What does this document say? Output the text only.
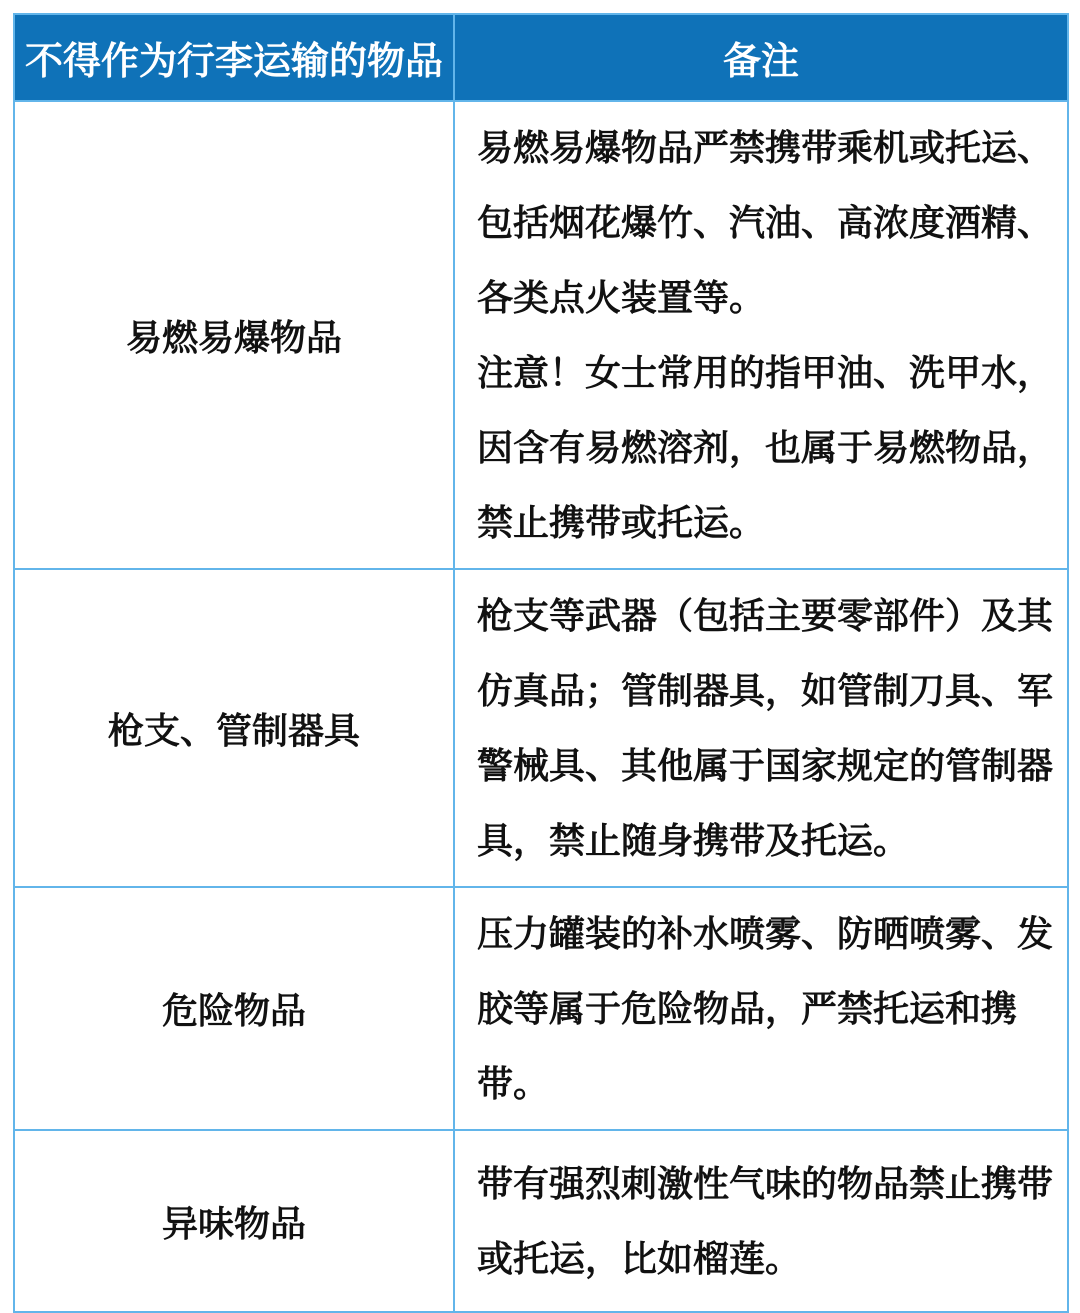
不得作为行李运输的物品	备注
易燃易爆物品	易燃易爆物品严禁携带乘机或托运、包括烟花爆竹、汽油、高浓度酒精、各类点火装置等。
注意！女士常用的指甲油、洗甲水，因含有易燃溶剂，也属于易燃物品，禁止携带或托运。
枪支、管制器具	枪支等武器（包括主要零部件）及其仿真品；管制器具，如管制刀具、军警械具、其他属于国家规定的管制器具，禁止随身携带及托运。
危险物品	压力罐装的补水喷雾、防晒喷雾、发胶等属于危险物品，严禁托运和携带。
异味物品	带有强烈刺激性气味的物品禁止携带或托运，比如榴莲。
